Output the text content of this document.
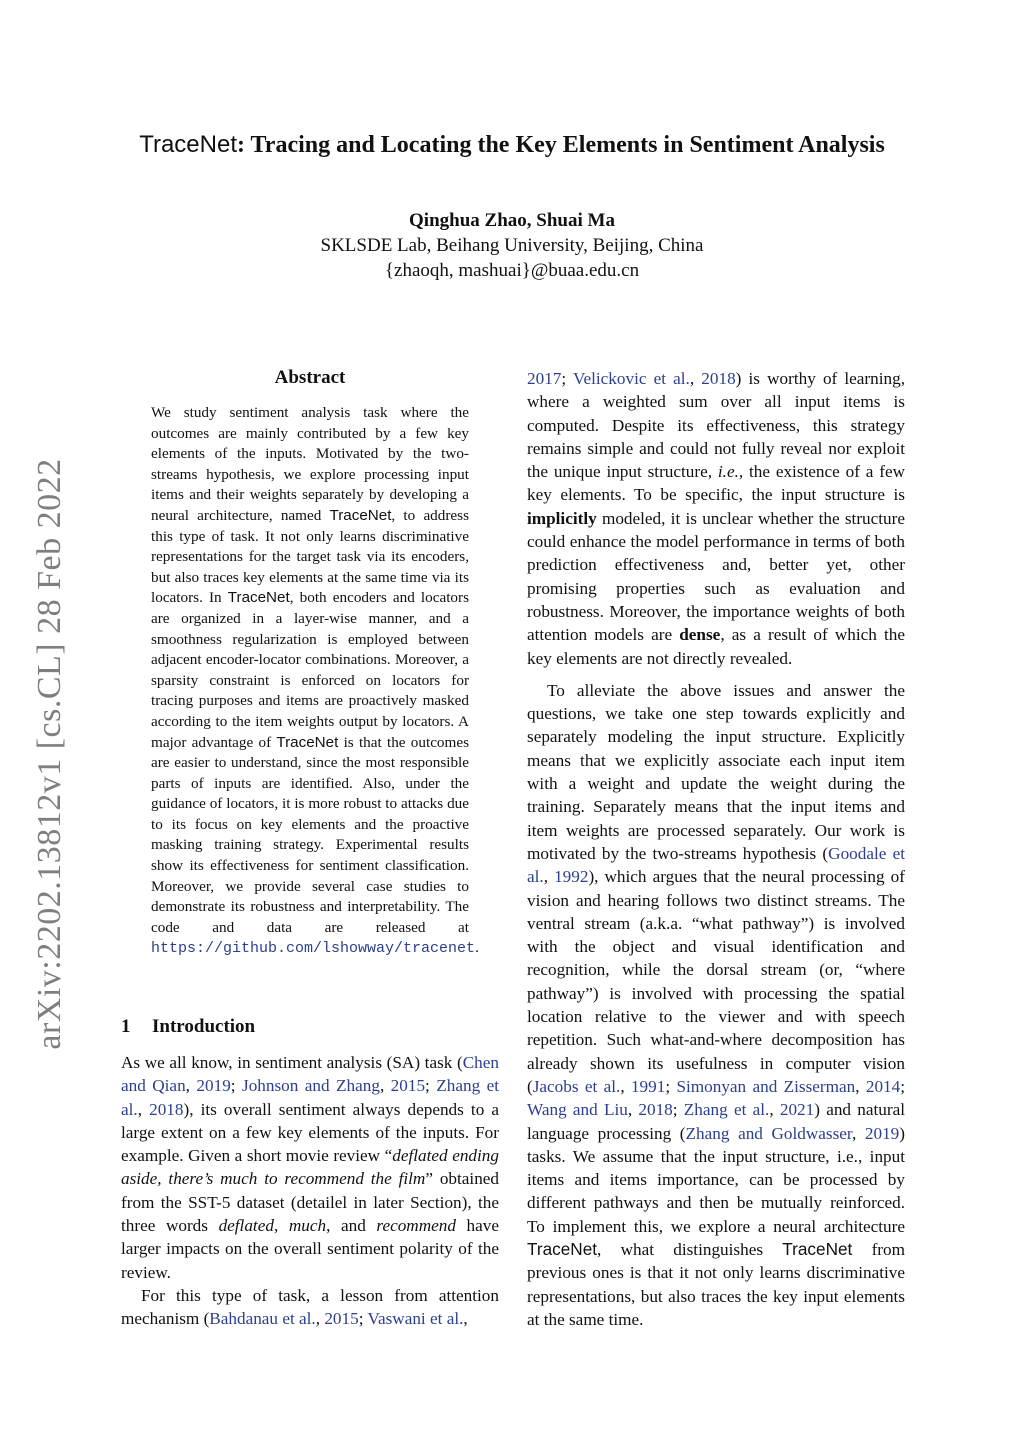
arXiv:2202.13812v1 [cs.CL] 28 Feb 2022
TraceNet: Tracing and Locating the Key Elements in Sentiment Analysis
Qinghua Zhao, Shuai Ma
SKLSDE Lab, Beihang University, Beijing, China
{zhaoqh, mashuai}@buaa.edu.cn
Abstract
We study sentiment analysis task where the outcomes are mainly contributed by a few key elements of the inputs. Motivated by the two-streams hypothesis, we explore processing input items and their weights separately by developing a neural architecture, named TraceNet, to address this type of task. It not only learns discriminative representations for the target task via its encoders, but also traces key elements at the same time via its locators. In TraceNet, both encoders and locators are organized in a layer-wise manner, and a smoothness regularization is employed between adjacent encoder-locator combinations. Moreover, a sparsity constraint is enforced on locators for tracing purposes and items are proactively masked according to the item weights output by locators. A major advantage of TraceNet is that the outcomes are easier to understand, since the most responsible parts of inputs are identified. Also, under the guidance of locators, it is more robust to attacks due to its focus on key elements and the proactive masking training strategy. Experimental results show its effectiveness for sentiment classification. Moreover, we provide several case studies to demonstrate its robustness and interpretability. The code and data are released at https://github.com/lshowway/tracenet.
1 Introduction

As we all know, in sentiment analysis (SA) task (Chen and Qian, 2019; Johnson and Zhang, 2015; Zhang et al., 2018), its overall sentiment always depends to a large extent on a few key elements of the inputs. For example. Given a short movie review “deflated ending aside, there’s much to recommend the film” obtained from the SST-5 dataset (detailel in later Section), the three words deflated, much, and recommend have larger impacts on the overall sentiment polarity of the review.

For this type of task, a lesson from attention mechanism (Bahdanau et al., 2015; Vaswani et al.,

2017; Velickovic et al., 2018) is worthy of learning, where a weighted sum over all input items is computed. Despite its effectiveness, this strategy remains simple and could not fully reveal nor exploit the unique input structure, i.e., the existence of a few key elements. To be specific, the input structure is implicitly modeled, it is unclear whether the structure could enhance the model performance in terms of both prediction effectiveness and, better yet, other promising properties such as evaluation and robustness. Moreover, the importance weights of both attention models are dense, as a result of which the key elements are not directly revealed.

To alleviate the above issues and answer the questions, we take one step towards explicitly and separately modeling the input structure. Explicitly means that we explicitly associate each input item with a weight and update the weight during the training. Separately means that the input items and item weights are processed separately. Our work is motivated by the two-streams hypothesis (Goodale et al., 1992), which argues that the neural processing of vision and hearing follows two distinct streams. The ventral stream (a.k.a. “what pathway”) is involved with the object and visual identification and recognition, while the dorsal stream (or, “where pathway”) is involved with processing the spatial location relative to the viewer and with speech repetition. Such what-and-where decomposition has already shown its usefulness in computer vision (Jacobs et al., 1991; Simonyan and Zisserman, 2014; Wang and Liu, 2018; Zhang et al., 2021) and natural language processing (Zhang and Goldwasser, 2019) tasks. We assume that the input structure, i.e., input items and items importance, can be processed by different pathways and then be mutually reinforced. To implement this, we explore a neural architecture TraceNet, what distinguishes TraceNet from previous ones is that it not only learns discriminative representations, but also traces the key input elements at the same time.
